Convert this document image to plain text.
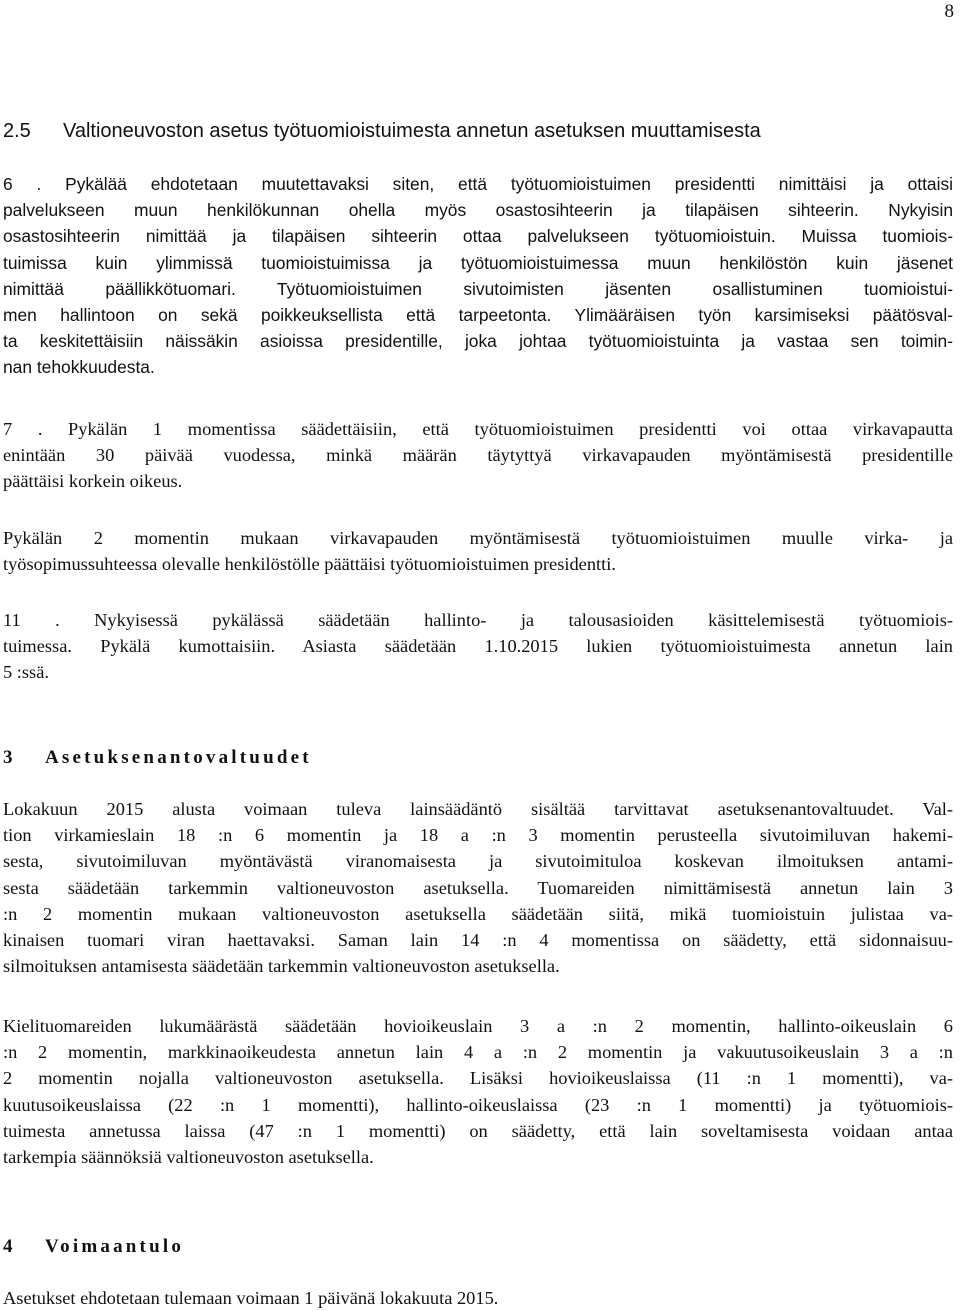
8
2.5 Valtioneuvoston asetus työtuomioistuimesta annetun asetuksen muuttamisesta
6 . Pykälää ehdotetaan muutettavaksi siten, että työtuomioistuimen presidentti nimittäisi ja ottaisi
palvelukseen muun henkilökunnan ohella myös osastosihteerin ja tilapäisen sihteerin. Nykyisin
osastosihteerin nimittää ja tilapäisen sihteerin ottaa palvelukseen työtuomioistuin. Muissa tuomiois-
tuimissa kuin ylimmissä tuomioistuimissa ja työtuomioistuimessa muun henkilöstön kuin jäsenet
nimittää päällikkötuomari. Työtuomioistuimen sivutoimisten jäsenten osallistuminen tuomioistui-
men hallintoon on sekä poikkeuksellista että tarpeetonta. Ylimääräisen työn karsimiseksi päätösval-
ta keskitettäisiin näissäkin asioissa presidentille, joka johtaa työtuomioistuinta ja vastaa sen toimin-
nan tehokkuudesta.
7 . Pykälän 1 momentissa säädettäisiin, että työtuomioistuimen presidentti voi ottaa virkavapautta
enintään 30 päivää vuodessa, minkä määrän täytyttyä virkavapauden myöntämisestä presidentille
päättäisi korkein oikeus.
Pykälän 2 momentin mukaan virkavapauden myöntämisestä työtuomioistuimen muulle virka- ja
työsopimussuhteessa olevalle henkilöstölle päättäisi työtuomioistuimen presidentti.
11 . Nykyisessä pykälässä säädetään hallinto- ja talousasioiden käsittelemisestä työtuomiois-
tuimessa. Pykälä kumottaisiin. Asiasta säädetään 1.10.2015 lukien työtuomioistuimesta annetun lain
5 :ssä.
3 Asetuksenantovaltuudet
Lokakuun 2015 alusta voimaan tuleva lainsäädäntö sisältää tarvittavat asetuksenantovaltuudet. Val-
tion virkamieslain 18 :n 6 momentin ja 18 a :n 3 momentin perusteella sivutoimiluvan hakemi-
sesta, sivutoimiluvan myöntävästä viranomaisesta ja sivutoimituloa koskevan ilmoituksen antami-
sesta säädetään tarkemmin valtioneuvoston asetuksella. Tuomareiden nimittämisestä annetun lain 3
:n 2 momentin mukaan valtioneuvoston asetuksella säädetään siitä, mikä tuomioistuin julistaa va-
kinaisen tuomari viran haettavaksi. Saman lain 14 :n 4 momentissa on säädetty, että sidonnaisuu-
silmoituksen antamisesta säädetään tarkemmin valtioneuvoston asetuksella.
Kielituomareiden lukumäärästä säädetään hovioikeuslain 3 a :n 2 momentin, hallinto-oikeuslain 6
:n 2 momentin, markkinaoikeudesta annetun lain 4 a :n 2 momentin ja vakuutusoikeuslain 3 a :n
2 momentin nojalla valtioneuvoston asetuksella. Lisäksi hovioikeuslaissa (11 :n 1 momentti), va-
kuutusoikeuslaissa (22 :n 1 momentti), hallinto-oikeuslaissa (23 :n 1 momentti) ja työtuomiois-
tuimesta annetussa laissa (47 :n 1 momentti) on säädetty, että lain soveltamisesta voidaan antaa
tarkempia säännöksiä valtioneuvoston asetuksella.
4 Voimaantulo
Asetukset ehdotetaan tulemaan voimaan 1 päivänä lokakuuta 2015.
